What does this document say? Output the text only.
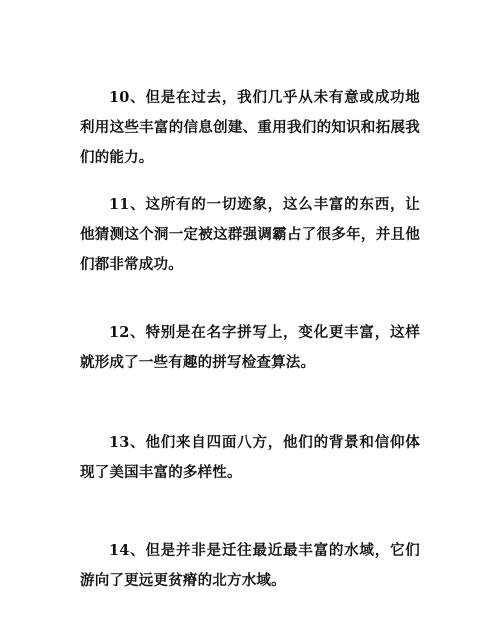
10、但是在过去，我们几乎从未有意或成功地利用这些丰富的信息创建、重用我们的知识和拓展我们的能力。

11、这所有的一切迹象，这么丰富的东西，让他猜测这个洞一定被这群强调霸占了很多年，并且他们都非常成功。

12、特别是在名字拼写上，变化更丰富，这样就形成了一些有趣的拼写检查算法。

13、他们来自四面八方，他们的背景和信仰体现了美国丰富的多样性。

14、但是并非是迁往最近最丰富的水域，它们游向了更远更贫瘠的北方水域。
